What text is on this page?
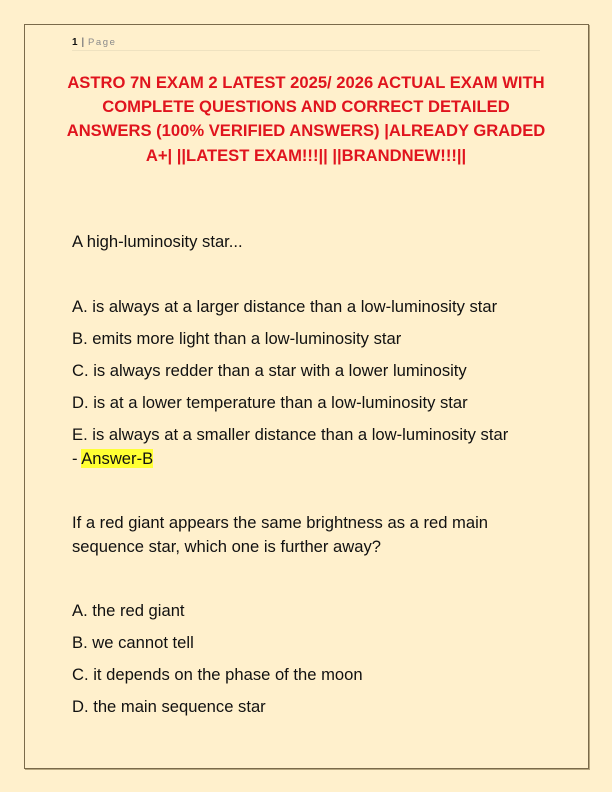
1 | Page
ASTRO 7N EXAM 2 LATEST 2025/ 2026 ACTUAL EXAM WITH COMPLETE QUESTIONS AND CORRECT DETAILED ANSWERS (100% VERIFIED ANSWERS) |ALREADY GRADED A+| ||LATEST EXAM!!!|| ||BRANDNEW!!!||
A high-luminosity star...
A. is always at a larger distance than a low-luminosity star
B. emits more light than a low-luminosity star
C. is always redder than a star with a lower luminosity
D. is at a lower temperature than a low-luminosity star
E. is always at a smaller distance than a low-luminosity star - Answer-B
If a red giant appears the same brightness as a red main sequence star, which one is further away?
A. the red giant
B. we cannot tell
C. it depends on the phase of the moon
D. the main sequence star
